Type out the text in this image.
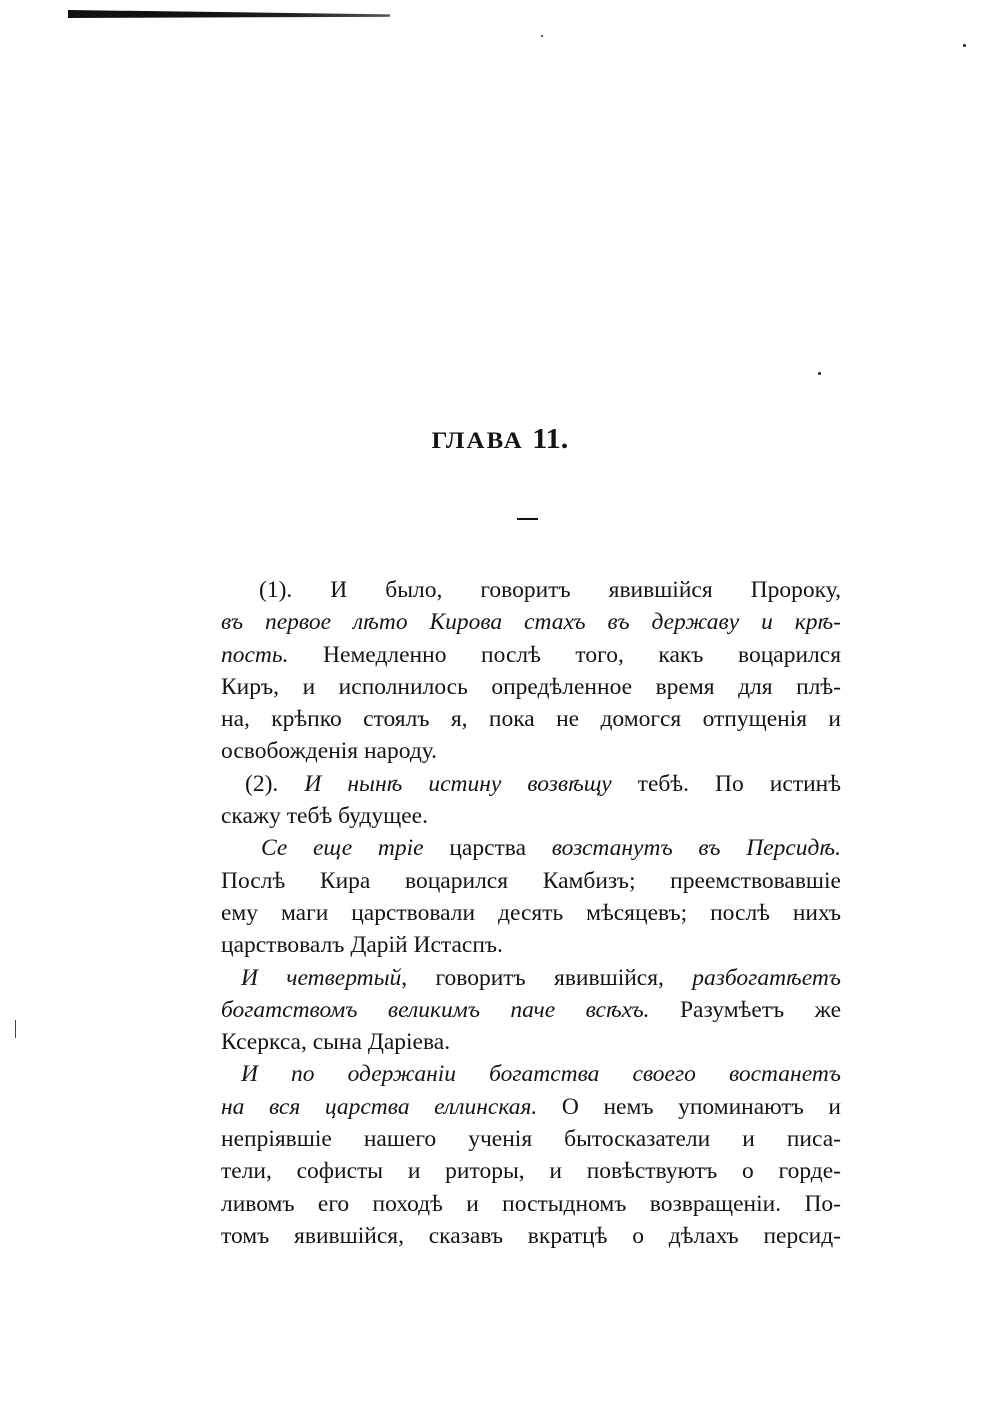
ГЛАВА 11.
(1). И было, говоритъ явившійся Пророку,
въ первое лѣто Кирова стахъ въ державу и крѣ-
пость. Немедленно послѣ того, какъ воцарился
Киръ, и исполнилось опредѣленное время для плѣ-
на, крѣпко стоялъ я, пока не домогся отпущенія и
освобожденія народу.
(2). И нынѣ истину возвѣщу тебѣ. По истинѣ
скажу тебѣ будущее.
Се еще тріе царства возстанутъ въ Персидѣ.
Послѣ Кира воцарился Камбизъ; преемствовавшіе
ему маги царствовали десять мѣсяцевъ; послѣ нихъ
царствовалъ Дарій Истаспъ.
И четвертый, говоритъ явившійся, разбогатѣетъ
богатствомъ великимъ паче всѣхъ. Разумѣетъ же
Ксеркса, сына Даріева.
И по одержаніи богатства своего востанетъ
на вся царства еллинская. О немъ упоминаютъ и
непріявшіе нашего ученія бытосказатели и писа-
тели, софисты и риторы, и повѣствуютъ о горде-
ливомъ его походѣ и постыдномъ возвращеніи. По-
томъ явившійся, сказавъ вкратцѣ о дѣлахъ персид-
